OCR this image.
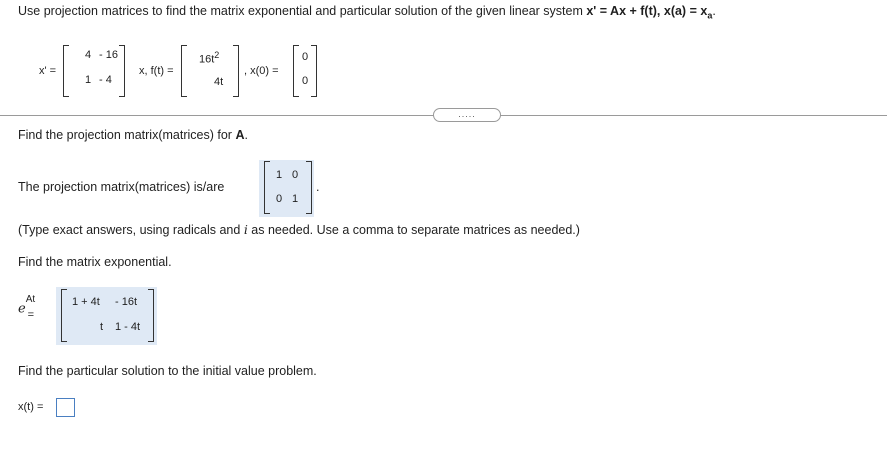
Use projection matrices to find the matrix exponential and particular solution of the given linear system x' = Ax + f(t), $x(a) = x_a$.
x' =
4 - 16
1 - 4
x, f(t) =
$16t^2$
4t
, x(0) =
0
0
.....
Find the projection matrix(matrices) for A.
The projection matrix(matrices) is/are
1 0
0 1
.
(Type exact answers, using radicals and i as needed. Use a comma to separate matrices as needed.)
Find the matrix exponential.
$e^{At}$ $_=$
1 + 4t - 16t
t 1 - 4t
Find the particular solution to the initial value problem.
x(t) =
